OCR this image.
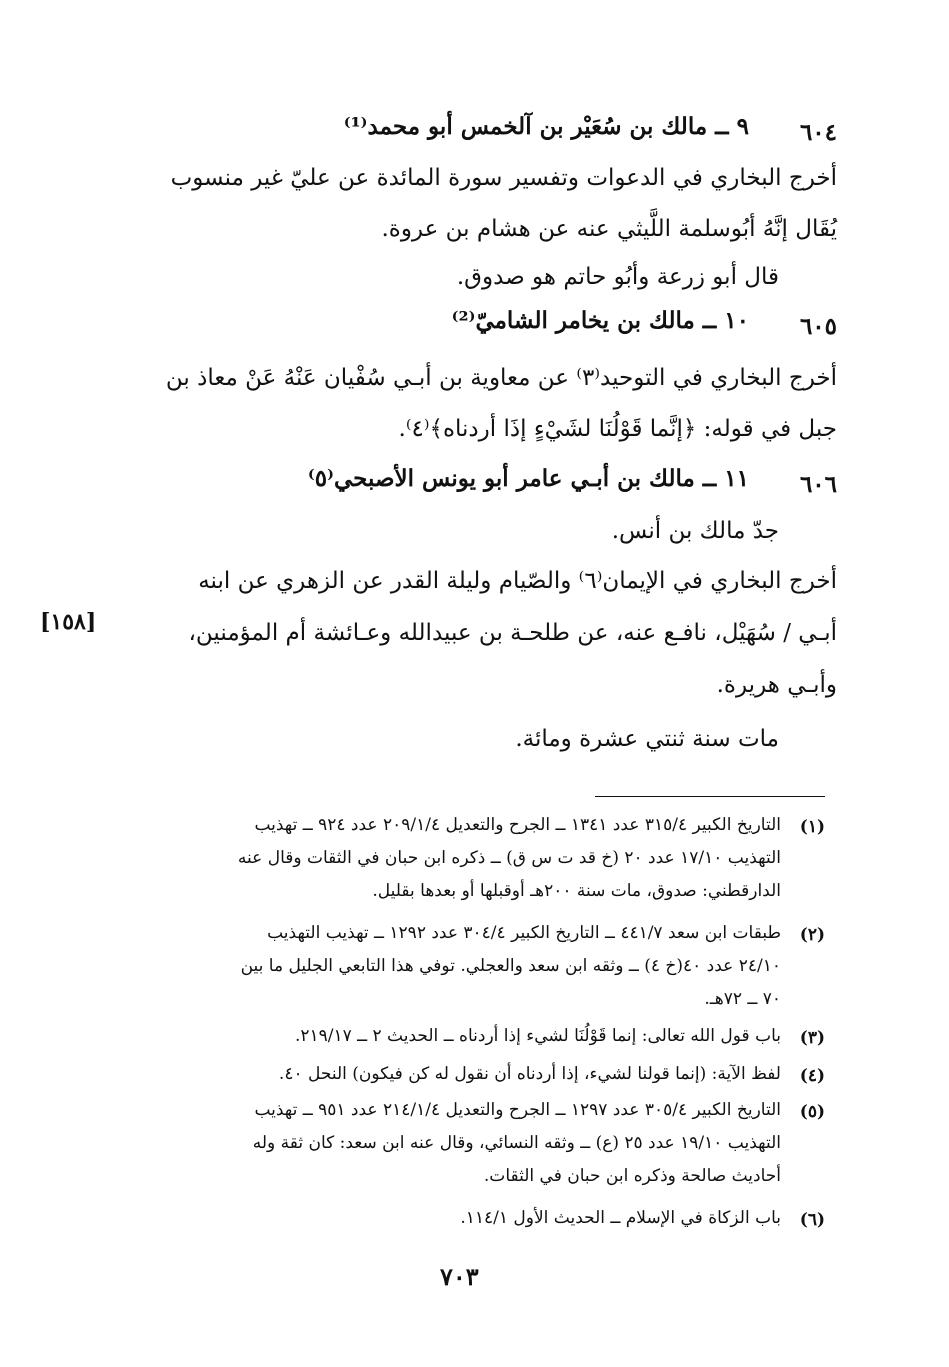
٦٠٤
٩ ــ مالك بن سُعَيْر بن آلخمس أبو محمد⁽¹⁾
أخرج البخاري في الدعوات وتفسير سورة المائدة عن عليّ غير منسوب
يُقَال إنَّهُ أبُوسلمة اللَّيثي عنه عن هشام بن عروة.
قال أبو زرعة وأبُو حاتم هو صدوق.
٦٠٥
١٠ ــ مالك بن يخامر الشاميّ⁽²⁾
أخرج البخاري في التوحيد⁽٣⁾ عن معاوية بن أبـي سُفْيان عَنْهُ عَنْ معاذ بن
جبل في قوله: ﴿إنَّما قَوْلُنَا لشَيْءٍ إذَا أردناه﴾⁽٤⁾.
٦٠٦
١١ ــ مالك بن أبـي عامر أبو يونس الأصبحي⁽٥⁾
جدّ مالك بن أنس.
أخرج البخاري في الإيمان⁽٦⁾ والصّيام وليلة القدر عن الزهري عن ابنه
أبـي / سُهَيْل، نافـع عنه، عن طلحـة بن عبيدالله وعـائشة أم المؤمنين،
وأبـي هريرة.
مات سنة ثنتي عشرة ومائة.
[١٥٨]
(١)
التاريخ الكبير ٣١٥/٤ عدد ١٣٤١ ــ الجرح والتعديل ٢٠٩/١/٤ عدد ٩٢٤ ــ تهذيب
التهذيب ١٧/١٠ عدد ٢٠ (خ قد ت س ق) ــ ذكره ابن حبان في الثقات وقال عنه
الدارقطني: صدوق، مات سنة ٢٠٠هـ أوقبلها أو بعدها بقليل.
(٢)
طبقات ابن سعد ٤٤١/٧ ــ التاريخ الكبير ٣٠٤/٤ عدد ١٢٩٢ ــ تهذيب التهذيب
٢٤/١٠ عدد ٤٠(خ ٤) ــ وثقه ابن سعد والعجلي. توفي هذا التابعي الجليل ما بين
٧٠ ــ ٧٢هـ.
(٣)
باب قول الله تعالى: إنما قَوْلُنَا لشيء إذا أردناه ــ الحديث ٢ ــ ٢١٩/١٧.
(٤)
لفظ الآية: (إنما قولنا لشيء، إذا أردناه أن نقول له كن فيكون) النحل ٤٠.
(٥)
التاريخ الكبير ٣٠٥/٤ عدد ١٢٩٧ ــ الجرح والتعديل ٢١٤/١/٤ عدد ٩٥١ ــ تهذيب
التهذيب ١٩/١٠ عدد ٢٥ (ع) ــ وثقه النسائي، وقال عنه ابن سعد: كان ثقة وله
أحاديث صالحة وذكره ابن حبان في الثقات.
(٦)
باب الزكاة في الإسلام ــ الحديث الأول ١١٤/١.
٧٠٣
